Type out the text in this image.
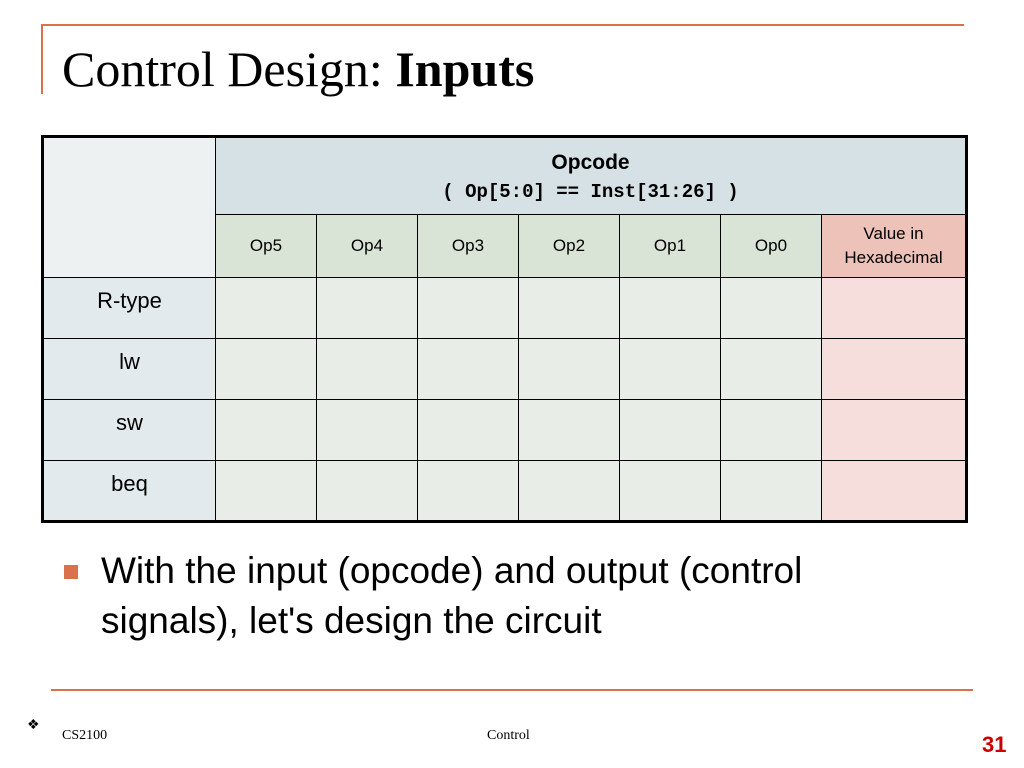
Control Design: Inputs

	Opcode
( Op[5:0] == Inst[31:26] )						

	Op5	Op4	Op3	Op2	Op1	Op0	Value in
Hexadecimal

R-type							
lw							
sw							
beq							

With the input (opcode) and output (control signals), let's design the circuit

❖
CS2100	Control	31
